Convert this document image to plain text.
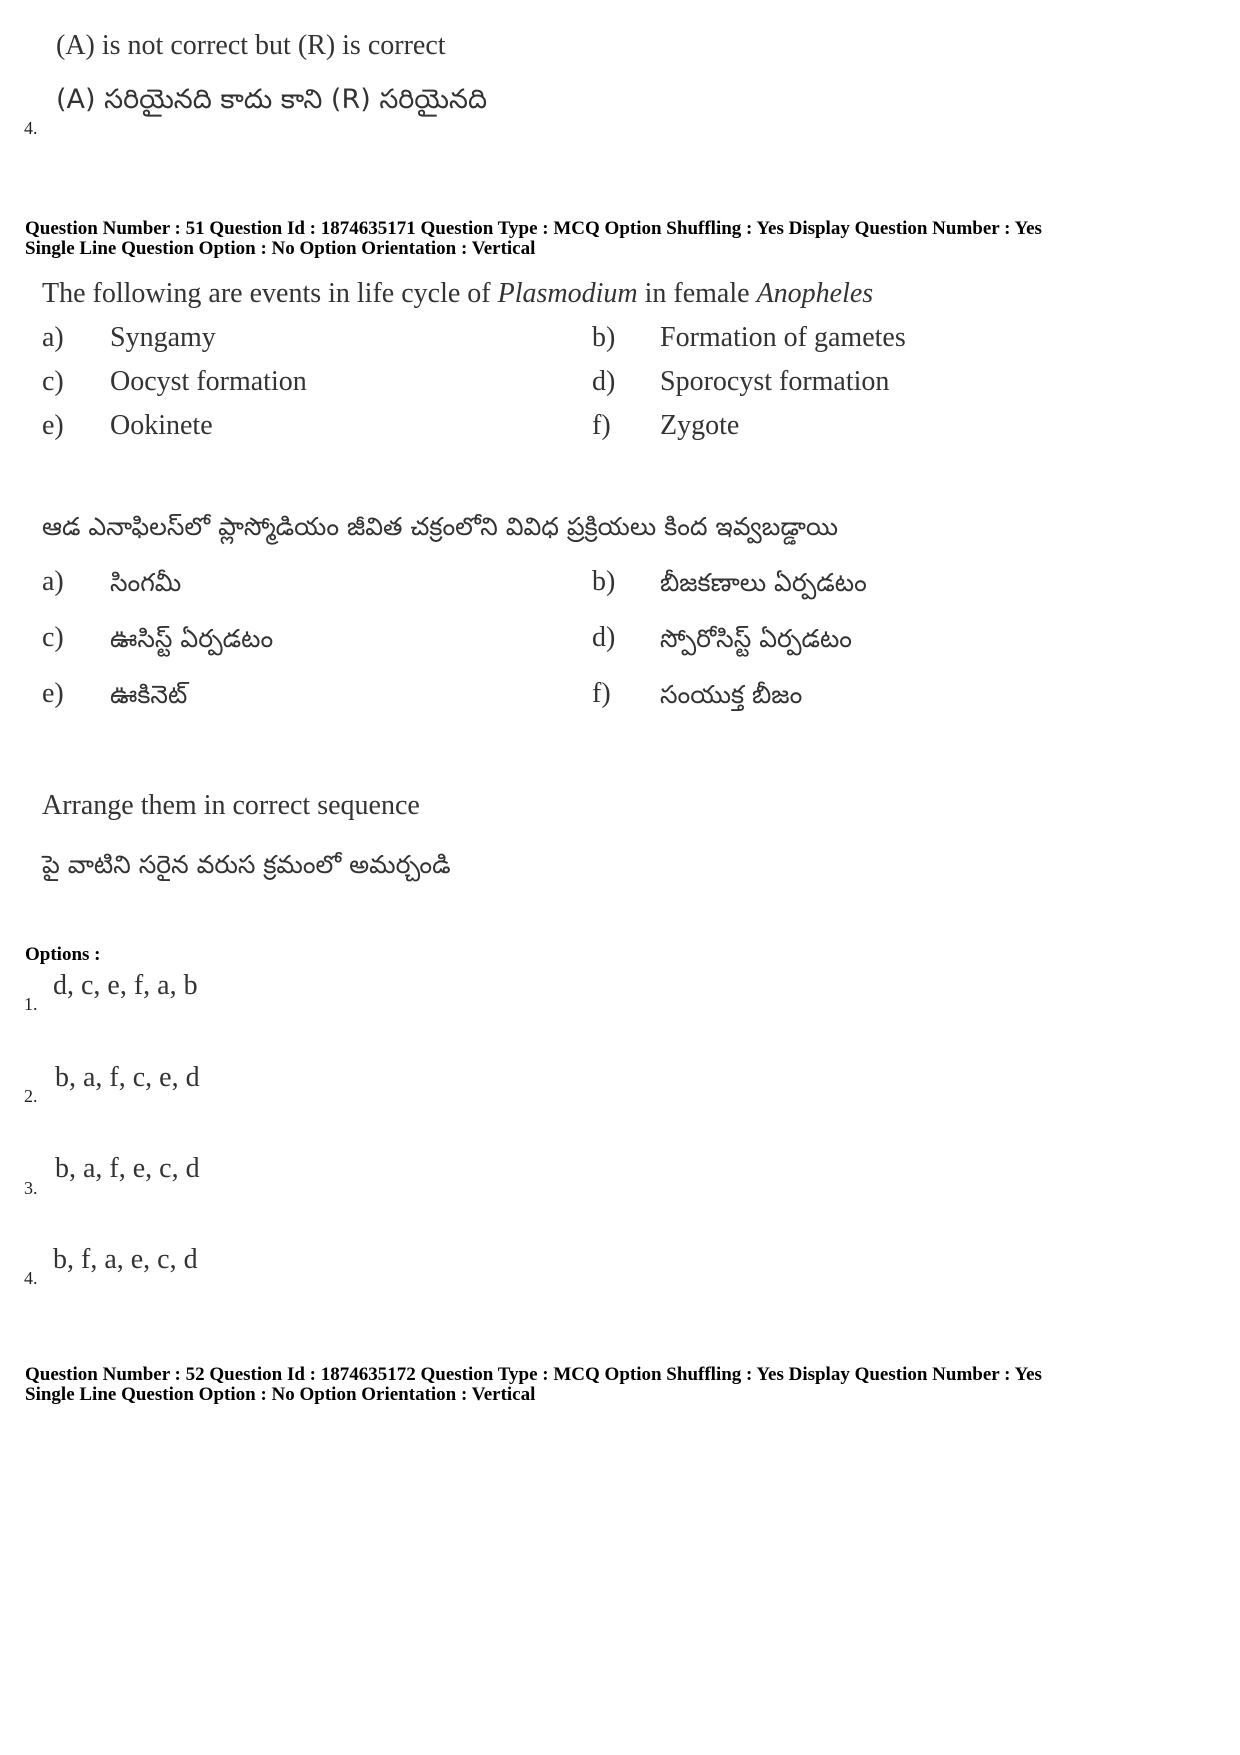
(A) is not correct but (R) is correct
(A) సరియైనది కాదు కాని (R) సరియైనది
4.
Question Number : 51 Question Id : 1874635171 Question Type : MCQ Option Shuffling : Yes Display Question Number : Yes
Single Line Question Option : No Option Orientation : Vertical
The following are events in life cycle of Plasmodium in female Anopheles
a) Syngamy	b) Formation of gametes
c) Oocyst formation	d) Sporocyst formation
e) Ookinete	f) Zygote
ఆడ ఎనాఫిలస్‌లో ప్లాస్మోడియం జీవిత చక్రంలోని వివిధ ప్రక్రియలు కింద ఇవ్వబడ్డాయి
a) సింగమీ	b) బీజకణాలు ఏర్పడటం
c) ఊసిస్ట్ ఏర్పడటం	d) స్పోరోసిస్ట్ ఏర్పడటం
e) ఊకినెట్	f) సంయుక్త బీజం
Arrange them in correct sequence
పై వాటిని సరైన వరుస క్రమంలో అమర్చండి
Options :
1.
d, c, e, f, a, b
2.
b, a, f, c, e, d
3.
b, a, f, e, c, d
4.
b, f, a, e, c, d
Question Number : 52 Question Id : 1874635172 Question Type : MCQ Option Shuffling : Yes Display Question Number : Yes
Single Line Question Option : No Option Orientation : Vertical
